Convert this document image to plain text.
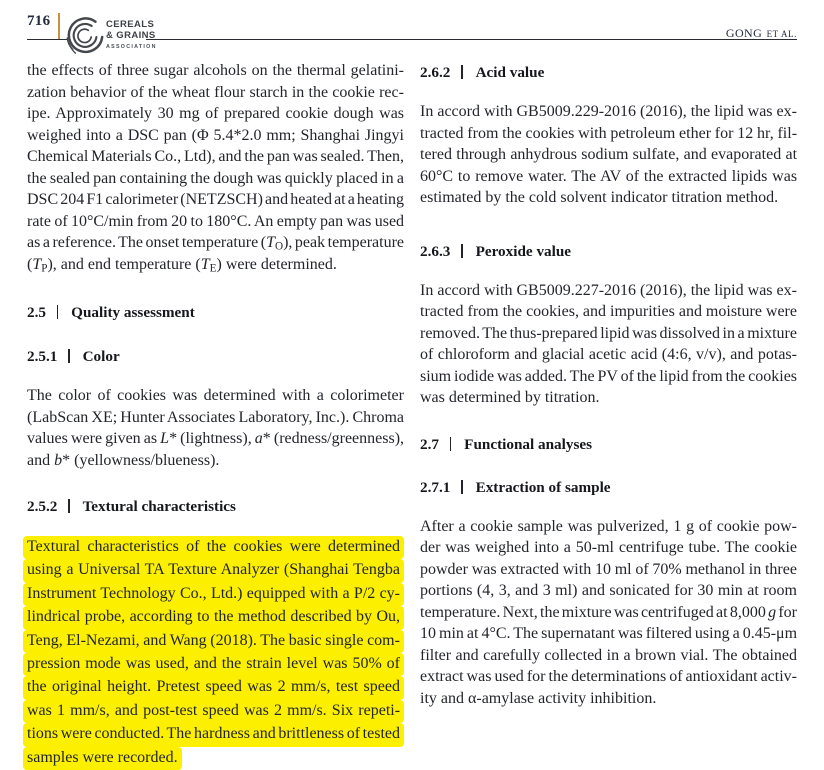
716	CEREALS
& GRAINS
ASSOCIATION
GONG ET AL.
the effects of three sugar alcohols on the thermal gelatini-
zation behavior of the wheat flour starch in the cookie rec-
ipe. Approximately 30 mg of prepared cookie dough was
weighed into a DSC pan (Φ 5.4*2.0 mm; Shanghai Jingyi
Chemical Materials Co., Ltd), and the pan was sealed. Then,
the sealed pan containing the dough was quickly placed in a
DSC 204 F1 calorimeter (NETZSCH) and heated at a heating
rate of 10°C/min from 20 to 180°C. An empty pan was used
as a reference. The onset temperature $(T_O)$, peak temperature
$(T_P)$, and end temperature $(T_E)$ were determined.
2.5 Quality assessment
2.5.1 Color
The color of cookies was determined with a colorimeter
(LabScan XE; Hunter Associates Laboratory, Inc.). Chroma
values were given as L* (lightness), a* (redness/greenness),
and b* (yellowness/blueness).
2.5.2 Textural characteristics
Textural characteristics of the cookies were determined
using a Universal TA Texture Analyzer (Shanghai Tengba
Instrument Technology Co., Ltd.) equipped with a P/2 cy-
lindrical probe, according to the method described by Ou,
Teng, El-Nezami, and Wang (2018). The basic single com-
pression mode was used, and the strain level was 50% of
the original height. Pretest speed was 2 mm/s, test speed
was 1 mm/s, and post-test speed was 2 mm/s. Six repeti-
tions were conducted. The hardness and brittleness of tested
samples were recorded.
2.6.2 Acid value
In accord with GB5009.229-2016 (2016), the lipid was ex-
tracted from the cookies with petroleum ether for 12 hr, fil-
tered through anhydrous sodium sulfate, and evaporated at
60°C to remove water. The AV of the extracted lipids was
estimated by the cold solvent indicator titration method.
2.6.3 Peroxide value
In accord with GB5009.227-2016 (2016), the lipid was ex-
tracted from the cookies, and impurities and moisture were
removed. The thus-prepared lipid was dissolved in a mixture
of chloroform and glacial acetic acid (4:6, v/v), and potas-
sium iodide was added. The PV of the lipid from the cookies
was determined by titration.
2.7 Functional analyses
2.7.1 Extraction of sample
After a cookie sample was pulverized, 1 g of cookie pow-
der was weighed into a 50-ml centrifuge tube. The cookie
powder was extracted with 10 ml of 70% methanol in three
portions (4, 3, and 3 ml) and sonicated for 30 min at room
temperature. Next, the mixture was centrifuged at 8,000 g for
10 min at 4°C. The supernatant was filtered using a 0.45-μm
filter and carefully collected in a brown vial. The obtained
extract was used for the determinations of antioxidant activ-
ity and α-amylase activity inhibition.
